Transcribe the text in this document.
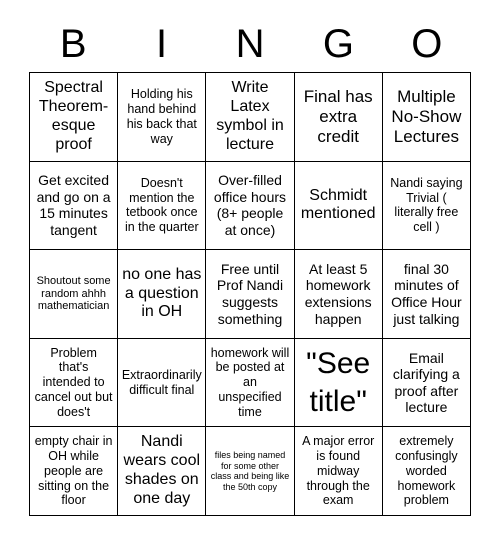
B	I	N	G	O
Spectral Theorem-esque proof
Holding his hand behind his back that way
Write Latex symbol in lecture
Final has extra credit
Multiple No-Show Lectures
Get excited and go on a 15 minutes tangent
Doesn't mention the tetbook once in the quarter
Over-filled office hours (8+ people at once)
Schmidt mentioned
Nandi saying Trivial ( literally free cell )
Shoutout some random ahhh mathematician
no one has a question in OH
Free until Prof Nandi suggests something
At least 5 homework extensions happen
final 30 minutes of Office Hour just talking
Problem that's intended to cancel out but does't
Extraordinarily difficult final
homework will be posted at an unspecified time
"See title"
Email clarifying a proof after lecture
empty chair in OH while people are sitting on the floor
Nandi wears cool shades on one day
files being named for some other class and being like the 50th copy
A major error is found midway through the exam
extremely confusingly worded homework problem
